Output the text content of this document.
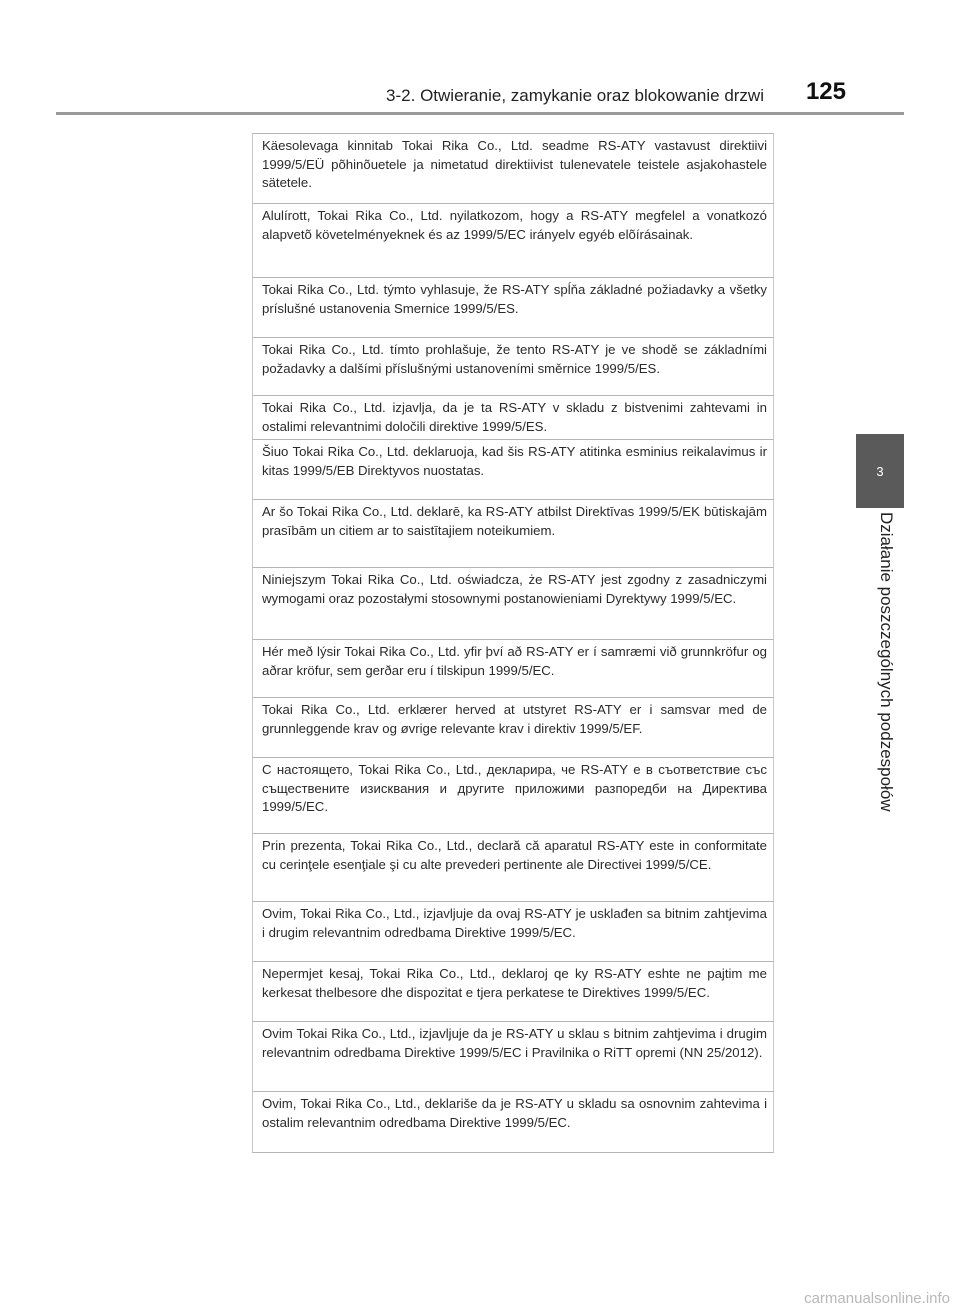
3-2. Otwieranie, zamykanie oraz blokowanie drzwi 125
3
Działanie poszczególnych podzespołów
Käesolevaga kinnitab Tokai Rika Co., Ltd. seadme RS-ATY vastavust direktiivi 1999/5/EÜ põhinõuetele ja nimetatud direktiivist tulenevatele teistele asjakohastele sätetele.
Alulírott, Tokai Rika Co., Ltd. nyilatkozom, hogy a RS-ATY megfelel a vonatkozó alapvetõ követelményeknek és az 1999/5/EC irányelv egyéb elõírásainak.
Tokai Rika Co., Ltd. týmto vyhlasuje, že RS-ATY spĺňa základné požiadavky a všetky príslušné ustanovenia Smernice 1999/5/ES.
Tokai Rika Co., Ltd. tímto prohlašuje, že tento RS-ATY je ve shodě se základními požadavky a dalšími příslušnými ustanoveními směrnice 1999/5/ES.
Tokai Rika Co., Ltd. izjavlja, da je ta RS-ATY v skladu z bistvenimi zahtevami in ostalimi relevantnimi določili direktive 1999/5/ES.
Šiuo Tokai Rika Co., Ltd. deklaruoja, kad šis RS-ATY atitinka esminius reikalavimus ir kitas 1999/5/EB Direktyvos nuostatas.
Ar šo Tokai Rika Co., Ltd. deklarē, ka RS-ATY atbilst Direktīvas 1999/5/EK būtiskajām prasībām un citiem ar to saistītajiem noteikumiem.
Niniejszym Tokai Rika Co., Ltd. oświadcza, że RS-ATY jest zgodny z zasadniczymi wymogami oraz pozostałymi stosownymi postanowieniami Dyrektywy 1999/5/EC.
Hér með lýsir Tokai Rika Co., Ltd. yfir því að RS-ATY er í samræmi við grunnkröfur og aðrar kröfur, sem gerðar eru í tilskipun 1999/5/EC.
Tokai Rika Co., Ltd. erklærer herved at utstyret RS-ATY er i samsvar med de grunnleggende krav og øvrige relevante krav i direktiv 1999/5/EF.
С настоящето, Tokai Rika Co., Ltd., декларира, че RS-ATY е в съответствие със съществените изисквания и другите приложими разпоредби на Директива 1999/5/EC.
Prin prezenta, Tokai Rika Co., Ltd., declară că aparatul RS-ATY este in conformitate cu cerinţele esenţiale şi cu alte prevederi pertinente ale Directivei 1999/5/CE.
Ovim, Tokai Rika Co., Ltd., izjavljuje da ovaj RS-ATY je usklađen sa bitnim zahtjevima i drugim relevantnim odredbama Direktive 1999/5/EC.
Nepermjet kesaj, Tokai Rika Co., Ltd., deklaroj qe ky RS-ATY eshte ne pajtim me kerkesat thelbesore dhe dispozitat e tjera perkatese te Direktives 1999/5/EC.
Ovim Tokai Rika Co., Ltd., izjavljuje da je RS-ATY u sklau s bitnim zahtjevima i drugim relevantnim odredbama Direktive 1999/5/EC i Pravilnika o RiTT opremi (NN 25/2012).
Ovim, Tokai Rika Co., Ltd., deklariše da je RS-ATY u skladu sa osnovnim zahtevima i ostalim relevantnim odredbama Direktive 1999/5/EC.
carmanualsonline.info
